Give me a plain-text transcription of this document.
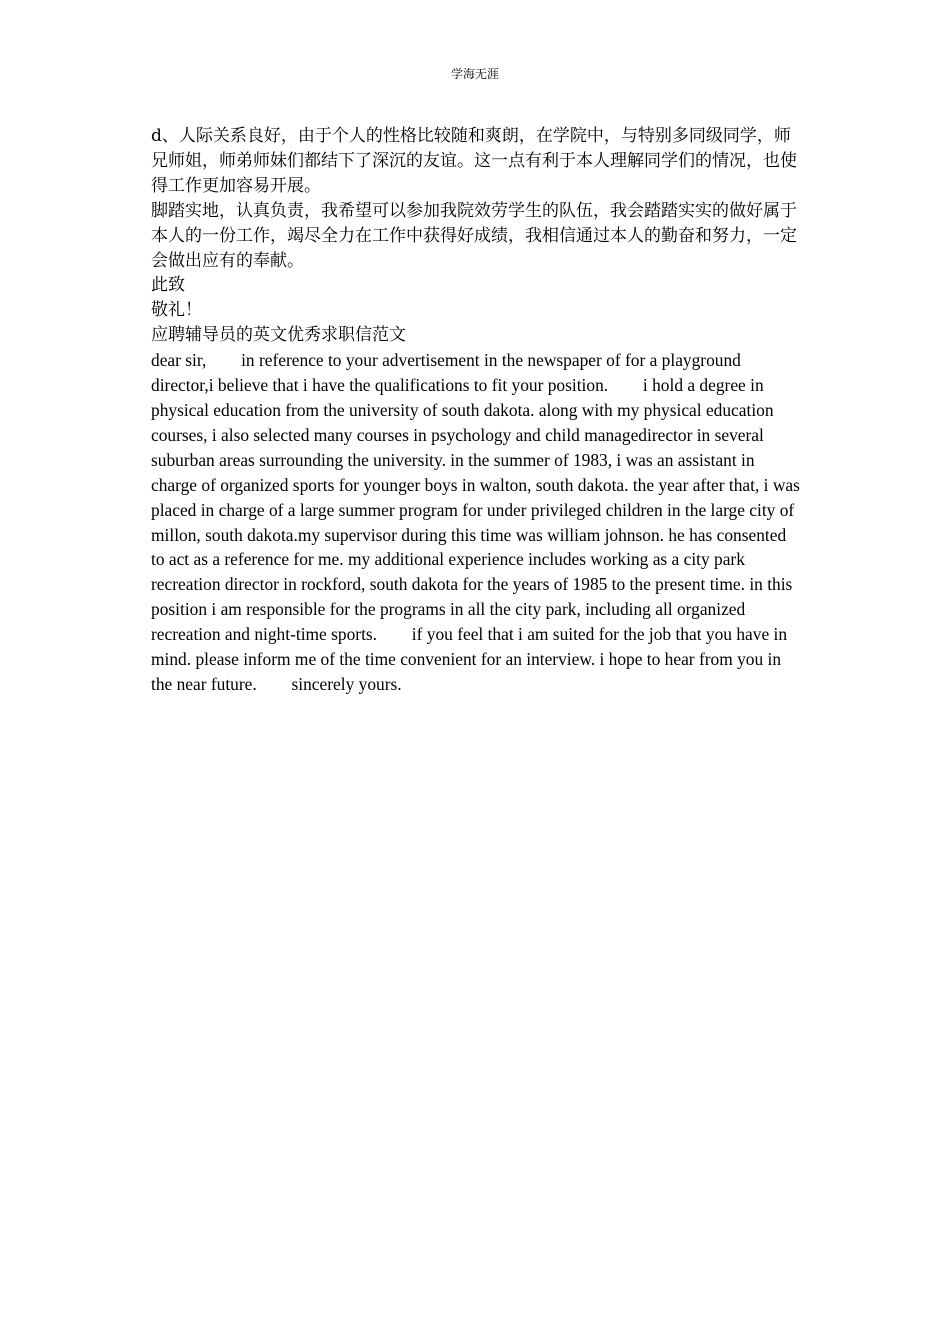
学海无涯

d、人际关系良好，由于个人的性格比较随和爽朗，在学院中，与特别多同级同学，师兄师姐，师弟师妹们都结下了深沉的友谊。这一点有利于本人理解同学们的情况，也使得工作更加容易开展。

脚踏实地，认真负责，我希望可以参加我院效劳学生的队伍，我会踏踏实实的做好属于本人的一份工作，竭尽全力在工作中获得好成绩，我相信通过本人的勤奋和努力，一定会做出应有的奉献。

此致

敬礼！

应聘辅导员的英文优秀求职信范文

dear sir,        in reference to your advertisement in the newspaper of for a playground director,i believe that i have the qualifications to fit your position.        i hold a degree in physical education from the university of south dakota. along with my physical education courses, i also selected many courses in psychology and child managedirector in several suburban areas surrounding the university. in the summer of 1983, i was an assistant in charge of organized sports for younger boys in walton, south dakota. the year after that, i was placed in charge of a large summer program for under privileged children in the large city of millon, south dakota.my supervisor during this time was william johnson. he has consented to act as a reference for me. my additional experience includes working as a city park recreation director in rockford, south dakota for the years of 1985 to the present time. in this position i am responsible for the programs in all the city park, including all organized recreation and night-time sports.        if you feel that i am suited for the job that you have in mind. please inform me of the time convenient for an interview. i hope to hear from you in the near future.        sincerely yours.
